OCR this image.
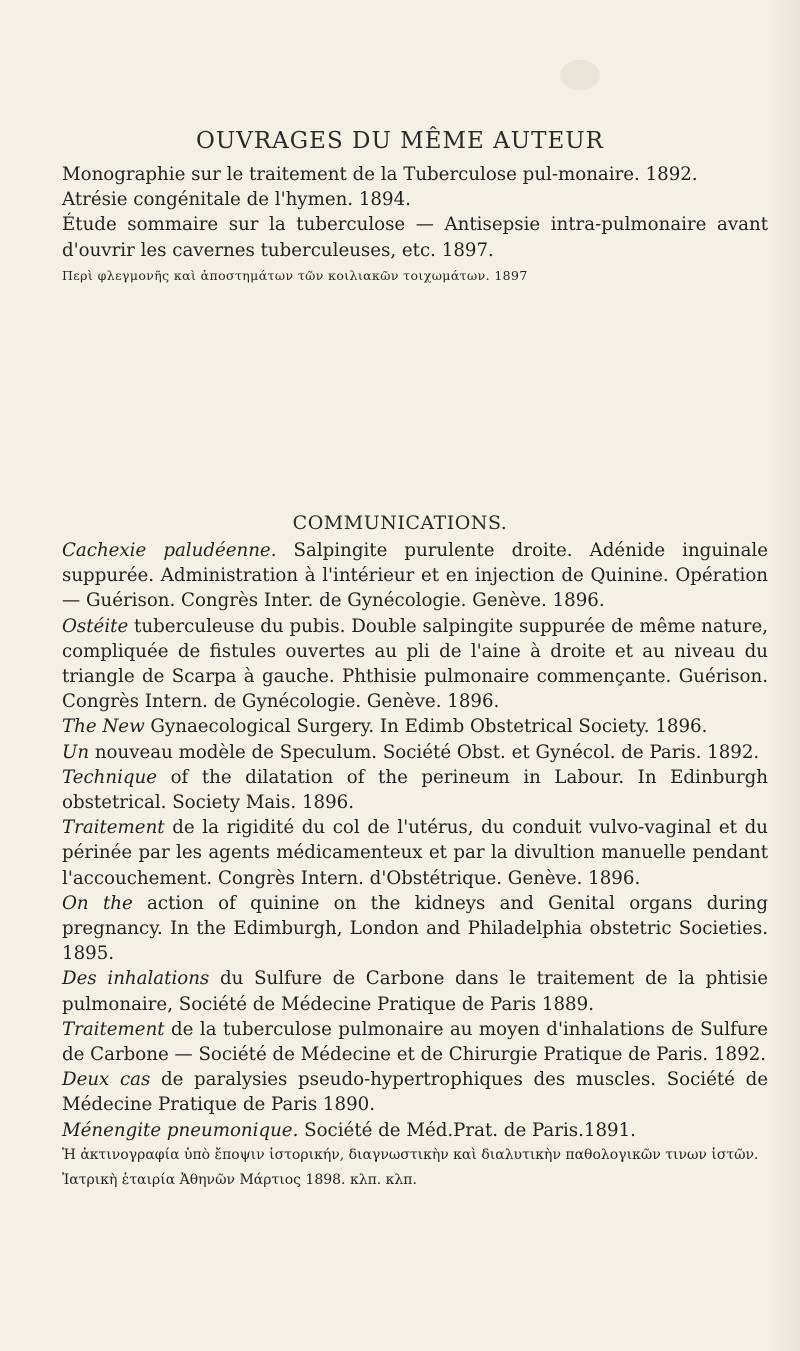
OUVRAGES DU MÊME AUTEUR

Monographie sur le traitement de la Tuberculose pul-monaire. 1892.

Atrésie congénitale de l'hymen. 1894.

Étude sommaire sur la tuberculose — Antisepsie intra-pulmonaire avant d'ouvrir les cavernes tuberculeuses, etc. 1897.

Περὶ φλεγμονῆς καὶ ἀποστημάτων τῶν κοιλιακῶν τοιχωμάτων. 1897

COMMUNICATIONS.

Cachexie paludéenne. Salpingite purulente droite. Adénide inguinale suppurée. Administration à l'intérieur et en injection de Quinine. Opération — Guérison. Congrès Inter. de Gynécologie. Genève. 1896.

Ostéite tuberculeuse du pubis. Double salpingite suppurée de même nature, compliquée de fistules ouvertes au pli de l'aine à droite et au niveau du triangle de Scarpa à gauche. Phthisie pulmonaire commençante. Guérison. Congrès Intern. de Gynécologie. Genève. 1896.

The New Gynaecological Surgery. In Edimb Obstetrical Society. 1896.

Un nouveau modèle de Speculum. Société Obst. et Gynécol. de Paris. 1892.

Technique of the dilatation of the perineum in Labour. In Edinburgh obstetrical. Society Mais. 1896.

Traitement de la rigidité du col de l'utérus, du conduit vulvo-vaginal et du périnée par les agents médicamenteux et par la divultion manuelle pendant l'accouchement. Congrès Intern. d'Obstétrique. Genève. 1896.

On the action of quinine on the kidneys and Genital organs during pregnancy. In the Edimburgh, London and Philadelphia obstetric Societies. 1895.

Des inhalations du Sulfure de Carbone dans le traitement de la phtisie pulmonaire, Société de Médecine Pratique de Paris 1889.

Traitement de la tuberculose pulmonaire au moyen d'inhalations de Sulfure de Carbone — Société de Médecine et de Chirurgie Pratique de Paris. 1892.

Deux cas de paralysies pseudo-hypertrophiques des muscles. Société de Médecine Pratique de Paris 1890.

Ménengite pneumonique. Société de Méd.Prat. de Paris.1891.

Ἡ ἀκτινογραφία ὑπὸ ἔποψιν ἱστορικήν, διαγνωστικὴν καὶ διαλυτικὴν παθολογικῶν τινων ἱστῶν.

Ἰατρικὴ ἑταιρία Ἀθηνῶν Μάρτιος 1898. κλπ. κλπ.
